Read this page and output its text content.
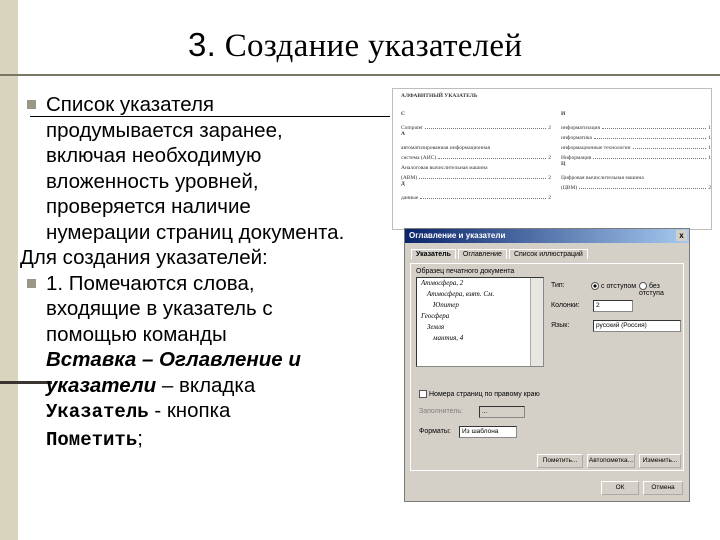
3. Создание указателей
Список указателя
продумывается заранее,
включая необходимую
вложенность уровней,
проверяется наличие
нумерации страниц документа.
Для создания указателей:
1. Помечаются слова,
входящие в указатель с
помощью команды
Вставка – Оглавление и
указатели – вкладка
Указатель - кнопка
Пометить;
АЛФАВИТНЫЙ УКАЗАТЕЛЬ
С
Computer	2
А
автоматизированная информационная
система (АИС)	2
Аналоговая вычислительная машина
(АВМ)	2
Д
данные	2
И
информатизация	1
информатика	1
информационные технологии	1
Информация	1
Ц
Цифровая вычислительная машина
(ЦВМ)	2
Оглавление и указатели	x
Указатель	Оглавление	Список иллюстраций
Образец печатного документа
Атмосфера, 2
Атмосфера, взят. См.
Юпитер
Геосфера
Земля
мантия, 4
Тип:	с отступом	без отступа
Колонки:	2
Язык:	русский (Россия)
Номера страниц по правому краю
Заполнитель:	...
Форматы:	Из шаблона
Пометить...	Автопометка...	Изменить...
ОК	Отмена
